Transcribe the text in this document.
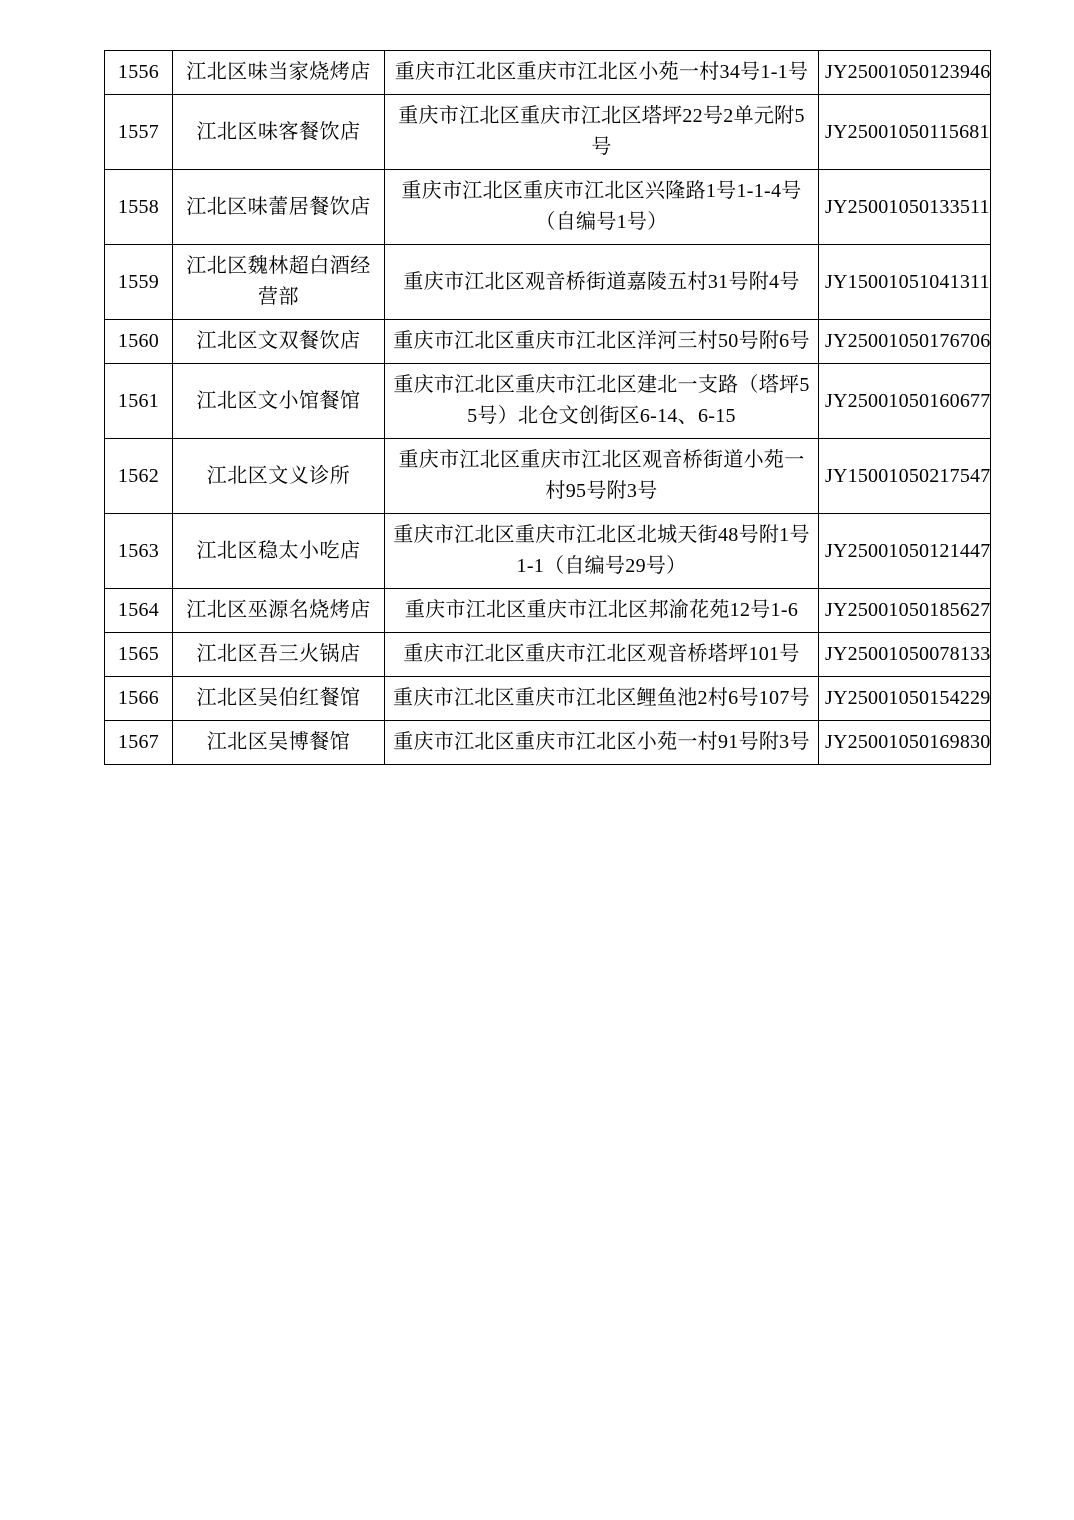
1556	江北区味当家烧烤店	重庆市江北区重庆市江北区小苑一村34号1-1号	JY25001050123946
1557	江北区味客餐饮店	重庆市江北区重庆市江北区塔坪22号2单元附5号	JY25001050115681
1558	江北区味蕾居餐饮店	重庆市江北区重庆市江北区兴隆路1号1-1-4号（自编号1号）	JY25001050133511
1559	江北区魏林超白酒经营部	重庆市江北区观音桥街道嘉陵五村31号附4号	JY15001051041311
1560	江北区文双餐饮店	重庆市江北区重庆市江北区洋河三村50号附6号	JY25001050176706
1561	江北区文小馆餐馆	重庆市江北区重庆市江北区建北一支路（塔坪55号）北仓文创街区6-14、6-15	JY25001050160677
1562	江北区文义诊所	重庆市江北区重庆市江北区观音桥街道小苑一村95号附3号	JY15001050217547
1563	江北区稳太小吃店	重庆市江北区重庆市江北区北城天街48号附1号1-1（自编号29号）	JY25001050121447
1564	江北区巫源名烧烤店	重庆市江北区重庆市江北区邦渝花苑12号1-6	JY25001050185627
1565	江北区吾三火锅店	重庆市江北区重庆市江北区观音桥塔坪101号	JY25001050078133
1566	江北区吴伯红餐馆	重庆市江北区重庆市江北区鲤鱼池2村6号107号	JY25001050154229
1567	江北区吴博餐馆	重庆市江北区重庆市江北区小苑一村91号附3号	JY25001050169830
